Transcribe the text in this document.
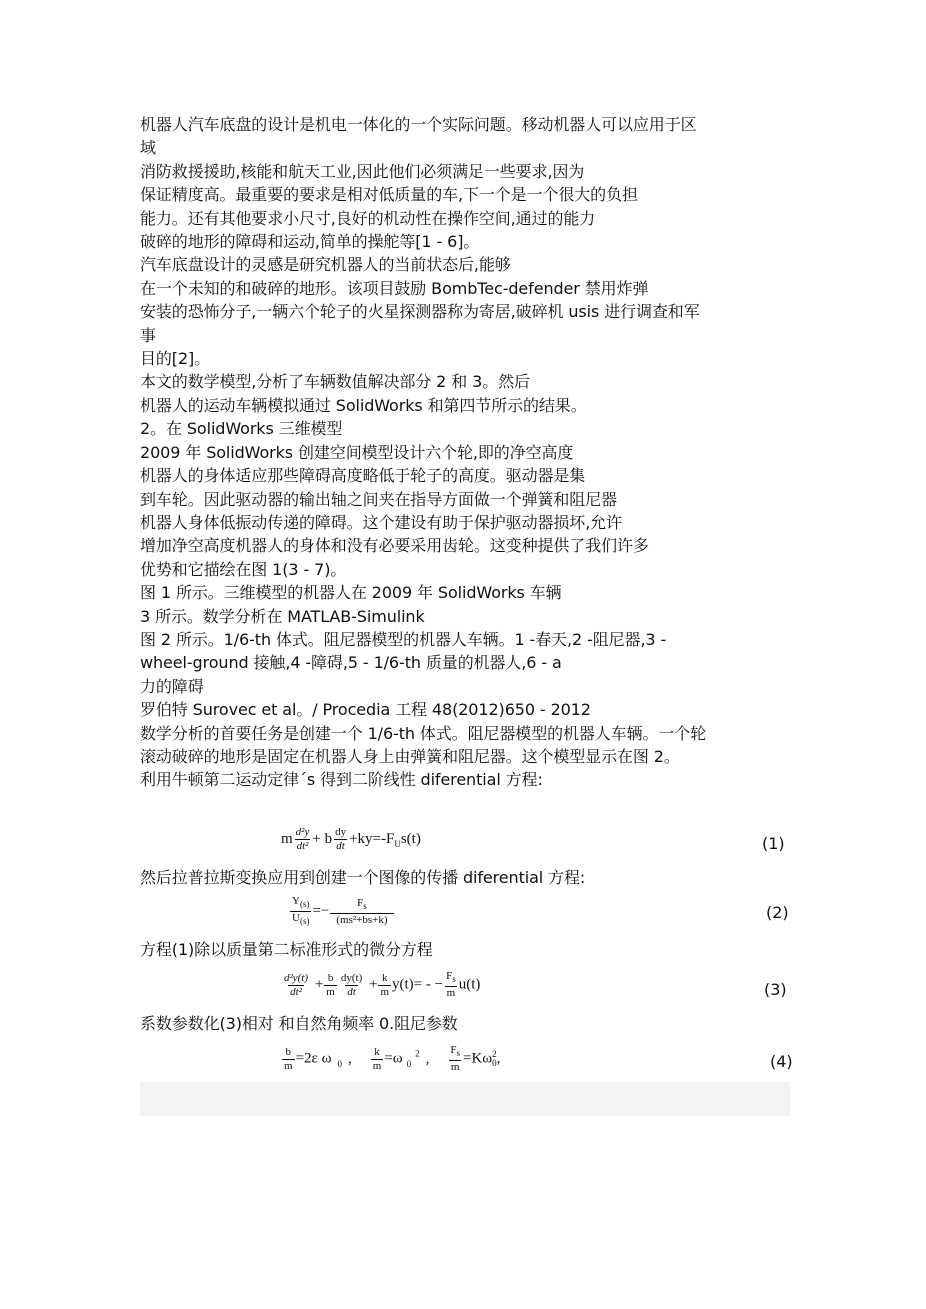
机器人汽车底盘的设计是机电一体化的一个实际问题。移动机器人可以应用于区
域
消防救援援助,核能和航天工业,因此他们必须满足一些要求,因为
保证精度高。最重要的要求是相对低质量的车,下一个是一个很大的负担
能力。还有其他要求小尺寸,良好的机动性在操作空间,通过的能力
破碎的地形的障碍和运动,简单的操舵等[1 - 6]。
汽车底盘设计的灵感是研究机器人的当前状态后,能够
在一个未知的和破碎的地形。该项目鼓励 BombTec-defender 禁用炸弹
安装的恐怖分子,一辆六个轮子的火星探测器称为寄居,破碎机 usis 进行调查和军
事
目的[2]。
本文的数学模型,分析了车辆数值解决部分 2 和 3。然后
机器人的运动车辆模拟通过 SolidWorks 和第四节所示的结果。
2。在 SolidWorks 三维模型
2009 年 SolidWorks 创建空间模型设计六个轮,即的净空高度
机器人的身体适应那些障碍高度略低于轮子的高度。驱动器是集
到车轮。因此驱动器的输出轴之间夹在指导方面做一个弹簧和阻尼器
机器人身体低振动传递的障碍。这个建设有助于保护驱动器损坏,允许
增加净空高度机器人的身体和没有必要采用齿轮。这变种提供了我们许多
优势和它描绘在图 1(3 - 7)。
图 1 所示。三维模型的机器人在 2009 年 SolidWorks 车辆
3 所示。数学分析在 MATLAB-Simulink
图 2 所示。1/6-th 体式。阻尼器模型的机器人车辆。1 -春天,2 -阻尼器,3 -
wheel-ground 接触,4 -障碍,5 - 1/6-th 质量的机器人,6 - a
力的障碍
罗伯特 Surovec et al。/ Procedia 工程 48(2012)650 - 2012
数学分析的首要任务是创建一个 1/6-th 体式。阻尼器模型的机器人车辆。一个轮
滚动破碎的地形是固定在机器人身上由弹簧和阻尼器。这个模型显示在图 2。
利用牛顿第二运动定律´s 得到二阶线性 diferential 方程:
m $\frac{\text{d²y}}{\text{dt²}} + b \frac{dy}{dt} +ky=-F_Us(t)$	(1)
然后拉普拉斯变换应用到创建一个图像的传播 diferential 方程:
$\frac{Y_{(s)}}{U_{(s)}} =- \frac{F_s}{\text{(ms²+bs+k)}}$	(2)
方程(1)除以质量第二标准形式的微分方程
$\frac{\text{d²y(t)}}{\text{dt²}} + \frac{b}{m} \frac{dy(t)}{dt} + \frac{k}{m} y(t)=$ - − $\frac{F_s}{m} u(t)$	(3)
系数参数化(3)相对 和自然角频率 0.阻尼参数
$\frac{b}{m} =2\varepsilon$ ω $_0$ , $\frac{k}{m} =\omega$ $_0^2$ , $\frac{F_s}{m} =K\omega$ 2
0 ,	(4)
